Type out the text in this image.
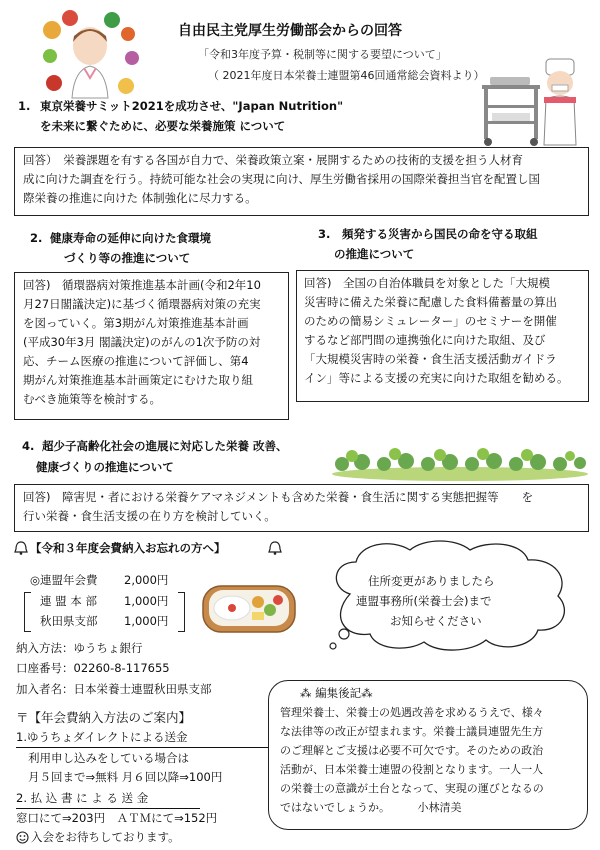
自由民主党厚生労働部会からの回答
「令和3年度予算・税制等に関する要望について」
（ 2021年度日本栄養士連盟第46回通常総会資料より）
1. 東京栄養サミット2021を成功させ、"Japan Nutrition"
を未来に繋ぐために、必要な栄養施策 について
回答）　栄養課題を有する各国が自力で、栄養政策立案・展開するための技術的支援を担う人材育
成に向けた調査を行う。持続可能な社会の実現に向け、厚生労働省採用の国際栄養担当官を配置し国
際栄養の推進に向けた 体制強化に尽力する。
2. 健康寿命の延伸に向けた食環境
づくり等の推進について
回答)　循環器病対策推進基本計画(令和2年10
月27日閣議決定)に基づく循環器病対策の充実
を図っていく。第3期がん対策推進基本計画
(平成30年3月 閣議決定)のがんの1次予防の対
応、チーム医療の推進について評価し、第4
期がん対策推進基本計画策定にむけた取り組
むべき施策等を検討する。
3. 頻発する災害から国民の命を守る取組
の推進について
回答)　全国の自治体職員を対象とした「大規模
災害時に備えた栄養に配慮した食料備蓄量の算出
のための簡易シミュレーター」のセミナーを開催
するなど部門間の連携強化に向けた取組、及び
「大規模災害時の栄養・食生活支援活動ガイドラ
イン」等による支援の充実に向けた取組を勧める。
4. 超少子高齢化社会の進展に対応した栄養 改善、
健康づくりの推進について
回答)　障害児・者における栄養ケアマネジメントも含めた栄養・食生活に関する実態把握等　　を
行い栄養・食生活支援の在り方を検討していく。
【令和３年度会費納入お忘れの方へ】
◎連盟年会費 2,000円
連 盟 本 部 1,000円
秋田県支部 1,000円
納入方法：ゆうちょ銀行
口座番号：02260-8-117655
加入者名：日本栄養士連盟秋田県支部
住所変更がありましたら
連盟事務所(栄養士会)まで
お知らせください
〒【年会費納入方法のご案内】
1.ゆうちょダイレクトによる送金
利用申し込みをしている場合は
月５回まで⇒無料 月６回以降⇒100円
2. 払 込 書 に よ る 送 金
窓口にて⇒203円　ＡＴＭにて⇒152円
入会をお待ちしております。
⁂ 編集後記⁂
管理栄養士、栄養士の処遇改善を求めるうえで、様々
な法律等の改正が望まれます。栄養士議員連盟先生方
のご理解とご支援は必要不可欠です。そのための政治
活動が、日本栄養士連盟の役割となります。一人一人
の栄養士の意識が土台となって、実現の運びとなるの
ではないでしょうか。　　　小林清美
